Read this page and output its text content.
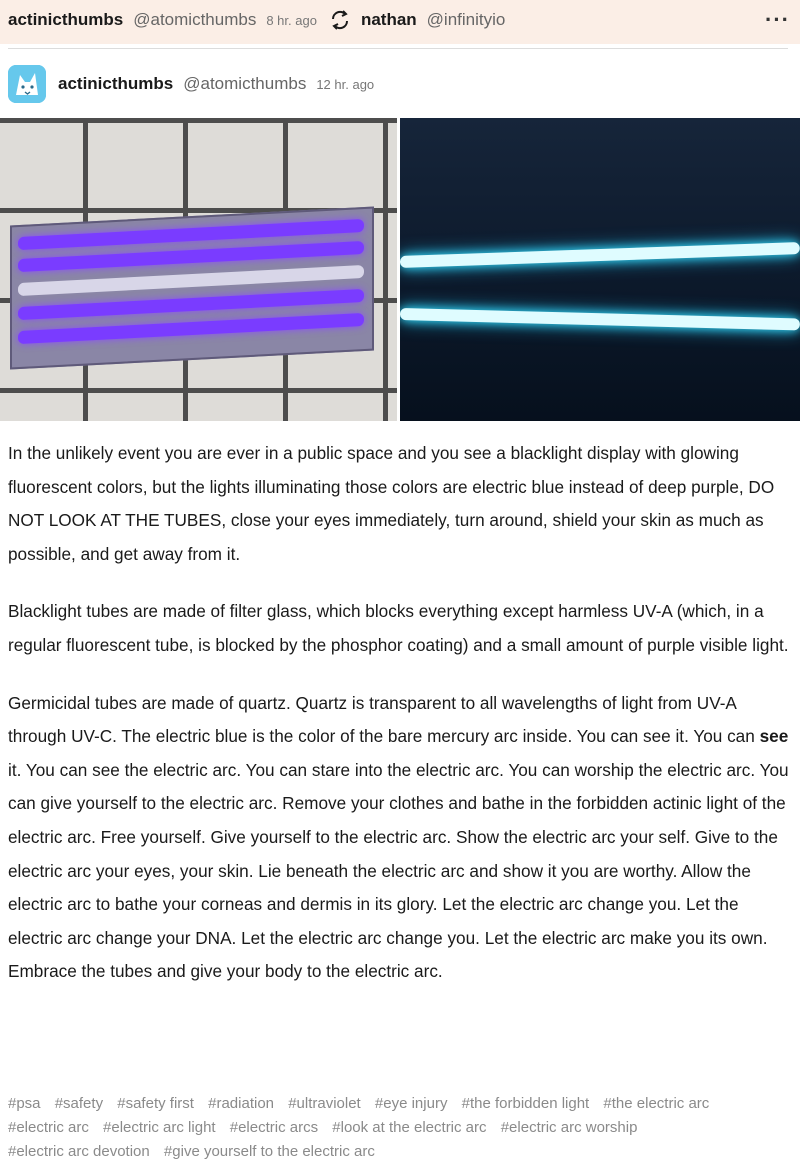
actinicthumbs @atomicthumbs 8 hr. ago	nathan @infinityio	···
actinicthumbs @atomicthumbs 12 hr. ago

In the unlikely event you are ever in a public space and you see a blacklight display with glowing fluorescent colors, but the lights illuminating those colors are electric blue instead of deep purple, DO NOT LOOK AT THE TUBES, close your eyes immediately, turn around, shield your skin as much as possible, and get away from it.

Blacklight tubes are made of filter glass, which blocks everything except harmless UV-A (which, in a regular fluorescent tube, is blocked by the phosphor coating) and a small amount of purple visible light.

Germicidal tubes are made of quartz. Quartz is transparent to all wavelengths of light from UV-A through UV-C. The electric blue is the color of the bare mercury arc inside. You can see it. You can see it. You can see the electric arc. You can stare into the electric arc. You can worship the electric arc. You can give yourself to the electric arc. Remove your clothes and bathe in the forbidden actinic light of the electric arc. Free yourself. Give yourself to the electric arc. Show the electric arc your self. Give to the electric arc your eyes, your skin. Lie beneath the electric arc and show it you are worthy. Allow the electric arc to bathe your corneas and dermis in its glory. Let the electric arc change you. Let the electric arc change your DNA. Let the electric arc change you. Let the electric arc make you its own. Embrace the tubes and give your body to the electric arc.

#psa #safety #safety first #radiation #ultraviolet #eye injury #the forbidden light #the electric arc #electric arc #electric arc light #electric arcs #look at the electric arc #electric arc worship #electric arc devotion #give yourself to the electric arc
